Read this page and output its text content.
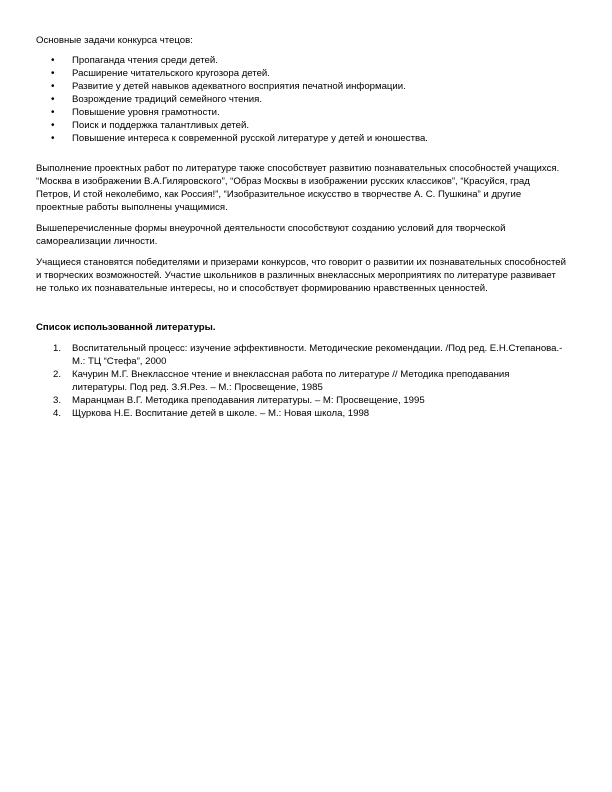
Основные задачи конкурса чтецов:

• Пропаганда чтения среди детей.
• Расширение читательского кругозора детей.
• Развитие у детей навыков адекватного восприятия печатной информации.
• Возрождение традиций семейного чтения.
• Повышение уровня грамотности.
• Поиск и поддержка талантливых детей.
• Повышение интереса к современной русской литературе у детей и юношества.

Выполнение проектных работ по литературе также способствует развитию познавательных способностей учащихся. “Москва в изображении В.А.Гиляровского”, “Образ Москвы в изображении русских классиков”, “Красуйся, град Петров, И стой неколебимо, как Россия!”, “Изобразительное искусство в творчестве А. С. Пушкина” и другие проектные работы выполнены учащимися.

Вышеперечисленные формы внеурочной деятельности способствуют созданию условий для творческой самореализации личности.

Учащиеся становятся победителями и призерами конкурсов, что говорит о развитии их познавательных способностей и творческих возможностей. Участие школьников в различных внеклассных мероприятиях по литературе развивает не только их познавательные интересы, но и способствует формированию нравственных ценностей.

Список использованной литературы.

1. Воспитательный процесс: изучение эффективности. Методические рекомендации. /Под ред. Е.Н.Степанова.- М.: ТЦ “Стефа”, 2000
2. Качурин М.Г. Внеклассное чтение и внеклассная работа по литературе // Методика преподавания литературы. Под ред. З.Я.Рез. – М.: Просвещение, 1985
3. Маранцман В.Г. Методика преподавания литературы. – М: Просвещение, 1995
4. Щуркова Н.Е. Воспитание детей в школе. – М.: Новая школа, 1998
